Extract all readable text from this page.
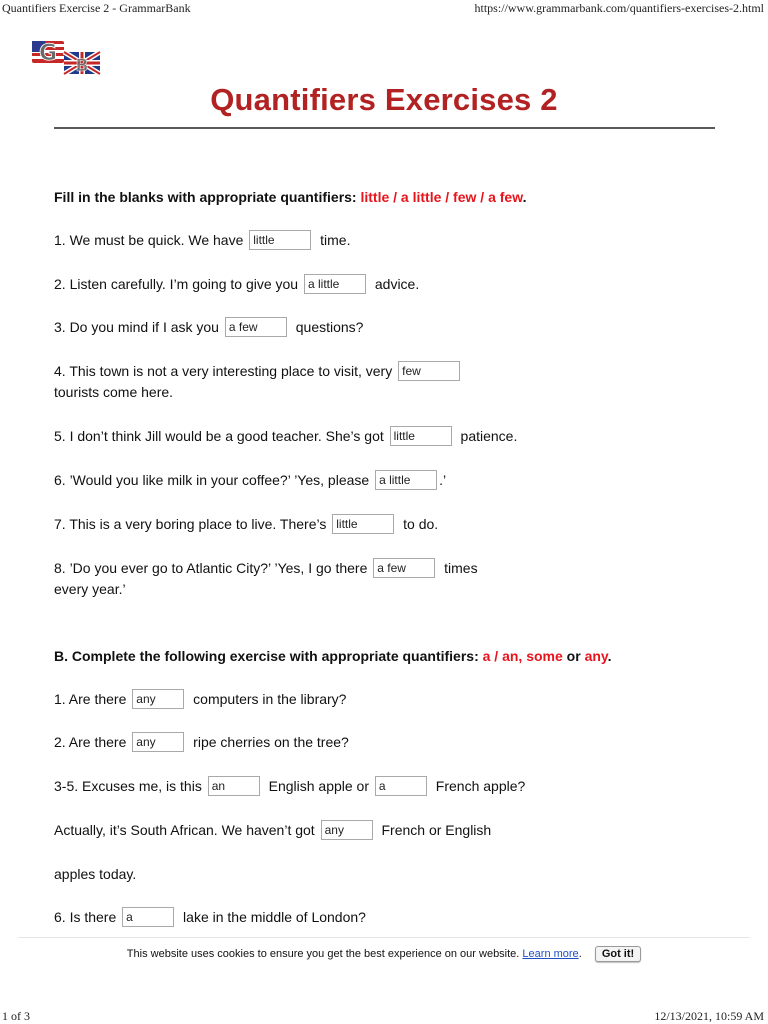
Quantifiers Exercise 2 - GrammarBank	https://www.grammarbank.com/quantifiers-exercises-2.html
G B
Quantifiers Exercises 2
Fill in the blanks with appropriate quantifiers: little / a little / few / a few.
1. We must be quick. We have little	time.
2. Listen carefully. I’m going to give you a little	advice.
3. Do you mind if I ask you a few	questions?
4. This town is not a very interesting place to visit, very few
tourists come here.
5. I don’t think Jill would be a good teacher. She’s got little	patience.
6. ’Would you like milk in your coffee?’ ’Yes, please a little .’
7. This is a very boring place to live. There’s little	to do.
8. ’Do you ever go to Atlantic City?’ ’Yes, I go there a few	times
every year.’
B. Complete the following exercise with appropriate quantifiers: a / an, some or any.
1. Are there any	computers in the library?
2. Are there any	ripe cherries on the tree?
3-5. Excuses me, is this an	English apple or a	French apple?
Actually, it’s South African. We haven’t got any	French or English
apples today.
6. Is there a	lake in the middle of London?
This website uses cookies to ensure you get the best experience on our website. Learn more. Got it!
1 of 3	12/13/2021, 10:59 AM
